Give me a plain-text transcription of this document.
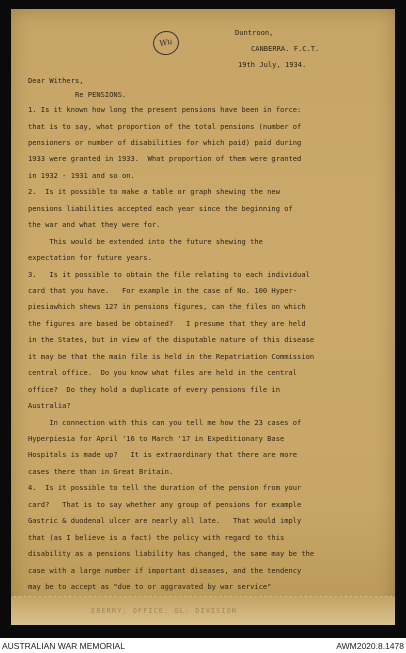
Wu
Duntroon,
CANBERRA. F.C.T.
19th July, 1934.
Dear Withers,
Re PENSIONS.
1. Is it known how long the present pensions have been in force:
that is to say, what proportion of the total pensions (number of
pensioners or number of disabilities for which paid) paid during
1933 were granted in 1933.  What proportion of them were granted
in 1932 - 1931 and so on.
2.  Is it possible to make a table or graph shewing the new
pensions liabilities accepted each year since the beginning of
the war and what they were for.
This would be extended into the future shewing the
expectation for future years.
3.   Is it possible to obtain the file relating to each individual
card that you have.   For example in the case of No. 100 Hyper-
piesiawhich shews 127 in pensions figures, can the files on which
the figures are based be obtained?   I presume that they are held
in the States, but in view of the disputable nature of this disease
it may be that the main file is held in the Repatriation Commission
central office.  Do you know what files are held in the central
office?  Do they hold a duplicate of every pensions file in
Australia?
In connection with this can you tell me how the 23 cases of
Hyperpiesia for April '16 to March '17 in Expeditionary Base
Hospitals is made up?   It is extraordinary that there are more
cases there than in Great Britain.
4.  Is it possible to tell the duration of the pension from your
card?   That is to say whether any group of pensions for example
Gastric & duodenal ulcer are nearly all late.   That would imply
that (as I believe is a fact) the policy with regard to this
disability as a pensions liability has changed, the same may be the
case with a large number if important diseases, and the tendency
may be to accept as "due to or aggravated by war service"
EBERRY: OFFICE: GL: DIVISION
AUSTRALIAN WAR MEMORIAL	AWM2020.8.1478
